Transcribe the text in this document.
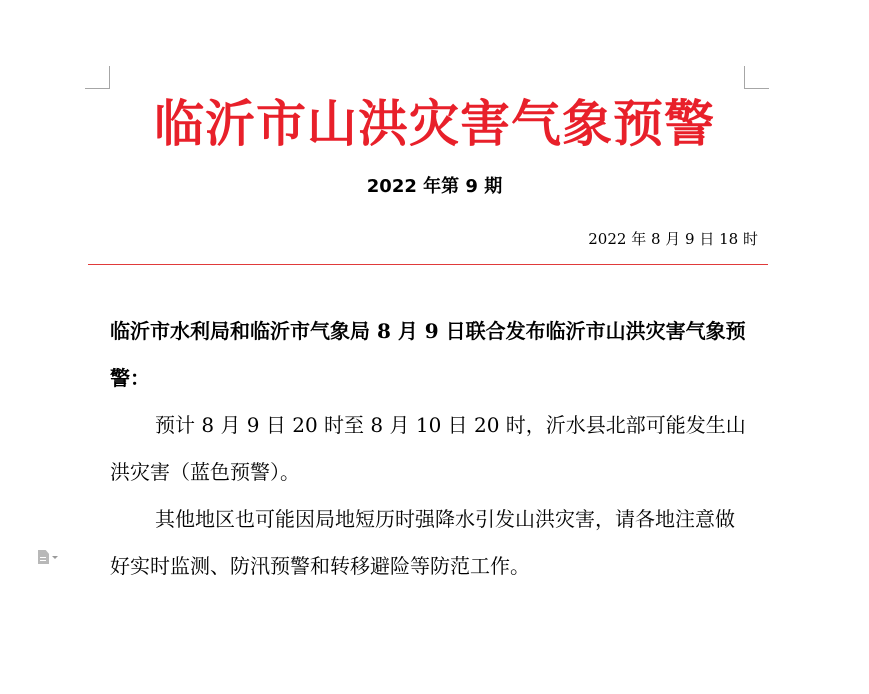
临沂市山洪灾害气象预警
2022 年第 9 期
2022 年 8 月 9 日 18 时

临沂市水利局和临沂市气象局 8 月 9 日联合发布临沂市山洪灾害气象预警：

预计 8 月 9 日 20 时至 8 月 10 日 20 时，沂水县北部可能发生山洪灾害（蓝色预警）。

其他地区也可能因局地短历时强降水引发山洪灾害，请各地注意做好实时监测、防汛预警和转移避险等防范工作。
